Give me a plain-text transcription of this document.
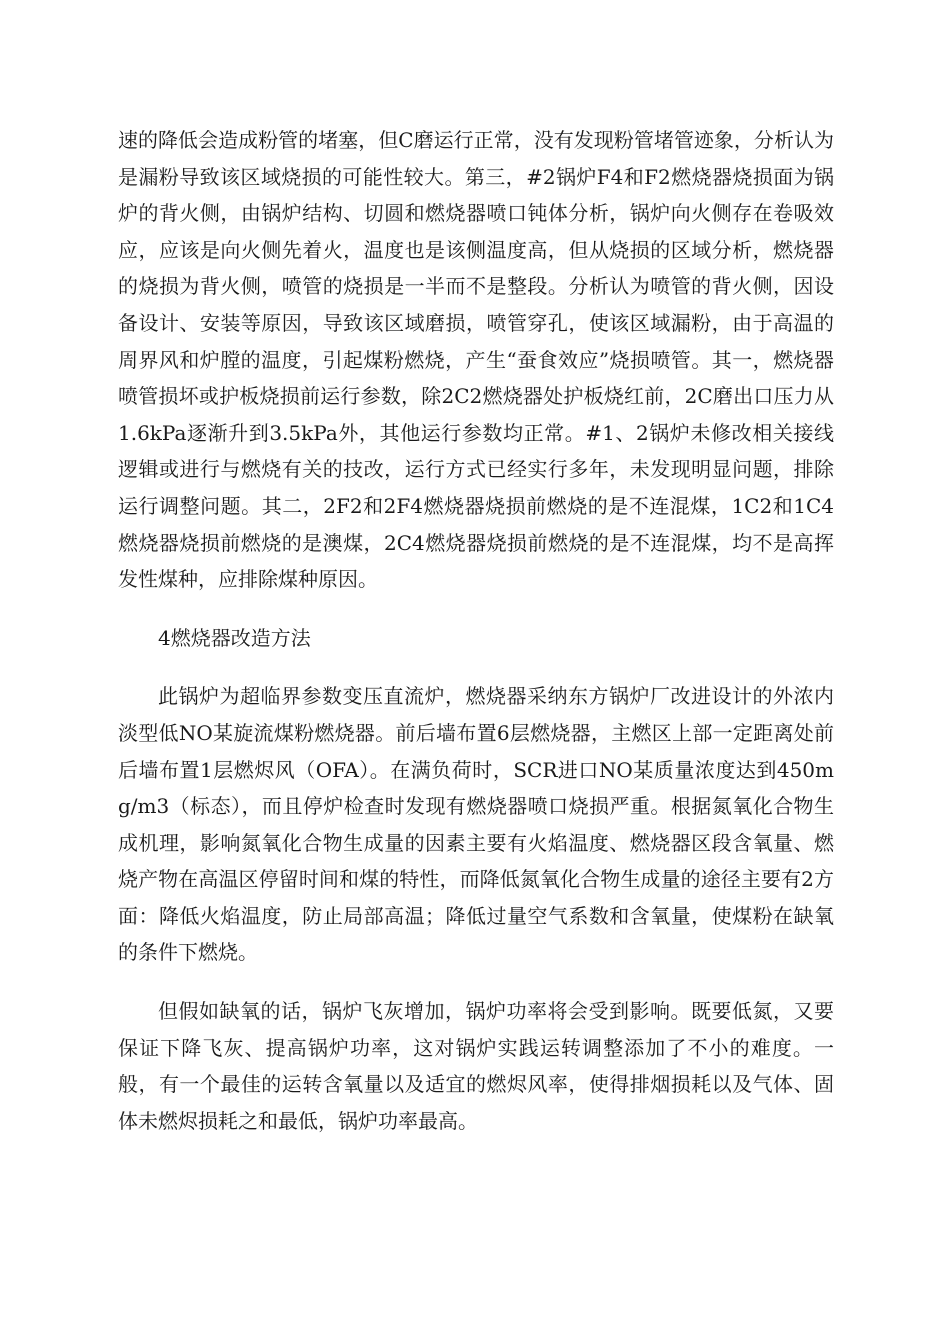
速的降低会造成粉管的堵塞，但C磨运行正常，没有发现粉管堵管迹象，分析认为是漏粉导致该区域烧损的可能性较大。第三，#2锅炉F4和F2燃烧器烧损面为锅炉的背火侧，由锅炉结构、切圆和燃烧器喷口钝体分析，锅炉向火侧存在卷吸效应，应该是向火侧先着火，温度也是该侧温度高，但从烧损的区域分析，燃烧器的烧损为背火侧，喷管的烧损是一半而不是整段。分析认为喷管的背火侧，因设备设计、安装等原因，导致该区域磨损，喷管穿孔，使该区域漏粉，由于高温的周界风和炉膛的温度，引起煤粉燃烧，产生“蚕食效应”烧损喷管。其一，燃烧器喷管损坏或护板烧损前运行参数，除2C2燃烧器处护板烧红前，2C磨出口压力从1.6kPa逐渐升到3.5kPa外，其他运行参数均正常。#1、2锅炉未修改相关接线逻辑或进行与燃烧有关的技改，运行方式已经实行多年，未发现明显问题，排除运行调整问题。其二，2F2和2F4燃烧器烧损前燃烧的是不连混煤，1C2和1C4燃烧器烧损前燃烧的是澳煤，2C4燃烧器烧损前燃烧的是不连混煤，均不是高挥发性煤种，应排除煤种原因。

4燃烧器改造方法

此锅炉为超临界参数变压直流炉，燃烧器采纳东方锅炉厂改进设计的外浓内淡型低NO某旋流煤粉燃烧器。前后墙布置6层燃烧器，主燃区上部一定距离处前后墙布置1层燃烬风（OFA）。在满负荷时，SCR进口NO某质量浓度达到450mg/m3（标态），而且停炉检查时发现有燃烧器喷口烧损严重。根据氮氧化合物生成机理，影响氮氧化合物生成量的因素主要有火焰温度、燃烧器区段含氧量、燃烧产物在高温区停留时间和煤的特性，而降低氮氧化合物生成量的途径主要有2方面：降低火焰温度，防止局部高温；降低过量空气系数和含氧量，使煤粉在缺氧的条件下燃烧。

但假如缺氧的话，锅炉飞灰增加，锅炉功率将会受到影响。既要低氮，又要保证下降飞灰、提高锅炉功率，这对锅炉实践运转调整添加了不小的难度。一般，有一个最佳的运转含氧量以及适宜的燃烬风率，使得排烟损耗以及气体、固体未燃烬损耗之和最低，锅炉功率最高。
